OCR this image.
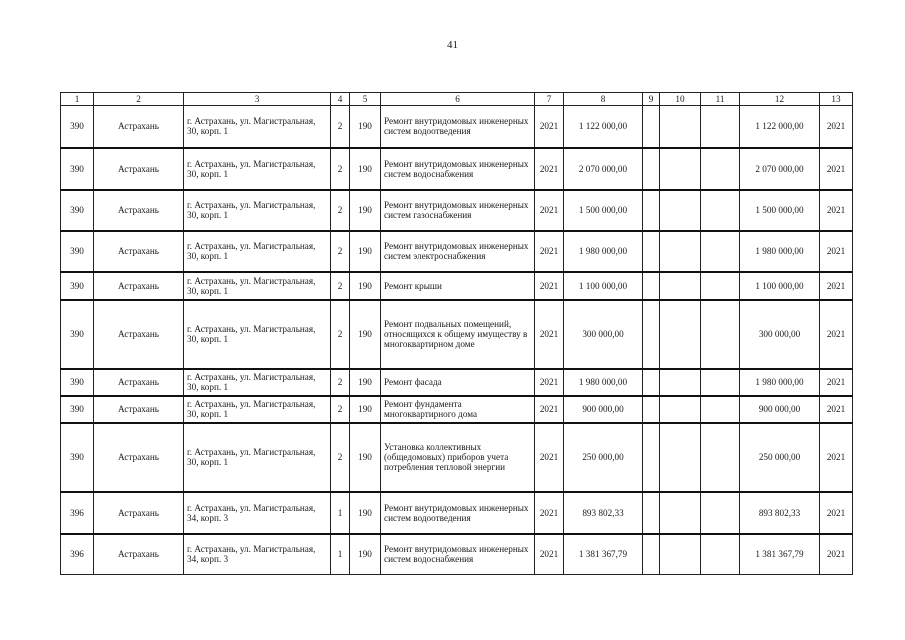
41
1	2	3	4	5	6	7	8	9	10	11	12	13
390	Астрахань	г. Астрахань, ул. Магистральная, 30, корп. 1	2	190	Ремонт внутридомовых инженерных систем водоотведения	2021	1 122 000,00				1 122 000,00	2021
390	Астрахань	г. Астрахань, ул. Магистральная, 30, корп. 1	2	190	Ремонт внутридомовых инженерных систем водоснабжения	2021	2 070 000,00				2 070 000,00	2021
390	Астрахань	г. Астрахань, ул. Магистральная, 30, корп. 1	2	190	Ремонт внутридомовых инженерных систем газоснабжения	2021	1 500 000,00				1 500 000,00	2021
390	Астрахань	г. Астрахань, ул. Магистральная, 30, корп. 1	2	190	Ремонт внутридомовых инженерных систем электроснабжения	2021	1 980 000,00				1 980 000,00	2021
390	Астрахань	г. Астрахань, ул. Магистральная, 30, корп. 1	2	190	Ремонт крыши	2021	1 100 000,00				1 100 000,00	2021
390	Астрахань	г. Астрахань, ул. Магистральная, 30, корп. 1	2	190	Ремонт подвальных помещений, относящихся к общему имуществу в многоквартирном доме	2021	300 000,00				300 000,00	2021
390	Астрахань	г. Астрахань, ул. Магистральная, 30, корп. 1	2	190	Ремонт фасада	2021	1 980 000,00				1 980 000,00	2021
390	Астрахань	г. Астрахань, ул. Магистральная, 30, корп. 1	2	190	Ремонт фундамента многоквартирного дома	2021	900 000,00				900 000,00	2021
390	Астрахань	г. Астрахань, ул. Магистральная, 30, корп. 1	2	190	Установка коллективных (общедомовых) приборов учета потребления тепловой энергии	2021	250 000,00				250 000,00	2021
396	Астрахань	г. Астрахань, ул. Магистральная, 34, корп. 3	1	190	Ремонт внутридомовых инженерных систем водоотведения	2021	893 802,33				893 802,33	2021
396	Астрахань	г. Астрахань, ул. Магистральная, 34, корп. 3	1	190	Ремонт внутридомовых инженерных систем водоснабжения	2021	1 381 367,79				1 381 367,79	2021
